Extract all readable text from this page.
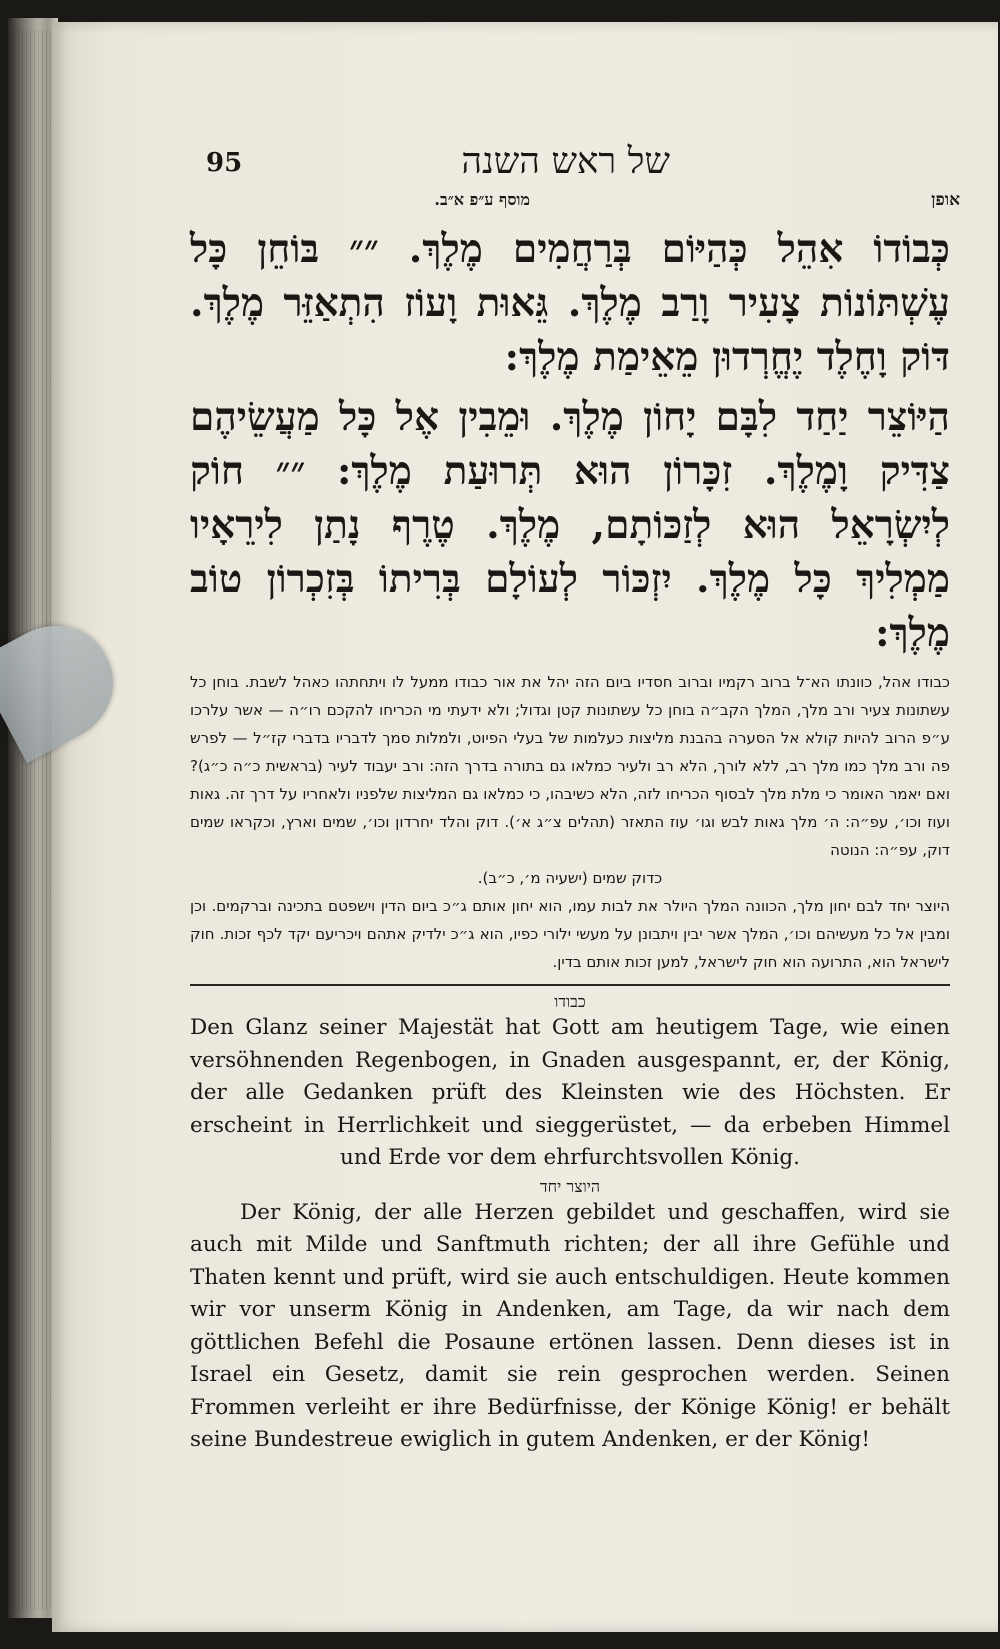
95	של ראש השנה
מוסף ע״פ א״ב.	אופן

כְּבוֹדוֹ אִהֵל כְּהַיּוֹם בְּרַחֲמִים מֶלֶךְ. ״״ בּוֹחֵן כָּל עֶשְׁתּוֹנוֹת צָעִיר וָרַב מֶלֶךְ. גֵּאוּת וָעוֹז הִתְאַזֵּר מֶלֶךְ. דּוֹק וָחֶלֶד יֶחֱרְדוּן מֵאֵימַת מֶלֶךְ:

הַיּוֹצֵר יַחַד לִבָּם יָחוֹן מֶלֶךְ. וּמֵבִין אֶל כָּל מַעֲשֵׂיהֶם צַדִּיק וָמֶלֶךְ. זִכָּרוֹן הוּא תְּרוּעַת מֶלֶךְ: ״״ חוֹק לְיִשְׂרָאֵל הוּא לְזַכּוֹתָם, מֶלֶךְ. טֶרֶף נָתַן לִירֵאָיו מַמְלִיךְ כָּל מֶלֶךְ. יִזְכּוֹר לְעוֹלָם בְּרִיתוֹ בְּזִכְרוֹן טוֹב מֶלֶךְ:

כבודו אהל, כוונתו הא־ל ברוב רקמיו וברוב חסדיו ביום הזה יהל את אור כבודו ממעל לו ויתחתהו כאהל לשבת. בוחן כל עשתונות צעיר ורב מלך, המלך הקב״ה בוחן כל עשתונות קטן וגדול; ולא ידעתי מי הכריחו להקכם רו״ה — אשר עלרכו ע״פ הרוב להיות קולא אל הסערה בהבנת מליצות כעלמות של בעלי הפיוט, ולמלות סמך לדבריו בדברי קז״ל — לפרש פה ורב מלך כמו מלך רב, ללא לורך, הלא רב ולעיר כמלאו גם בתורה בדרך הזה: ורב יעבוד לעיר (בראשית כ״ה כ״ג)? ואם יאמר האומר כי מלת מלך לבסוף הכריחו לזה, הלא כשיבהו, כי כמלאו גם המליצות שלפניו ולאחריו על דרך זה. גאות ועוז וכו׳, עפ״ה: ה׳ מלך גאות לבש וגו׳ עוז התאזר (תהלים צ״ג א׳). דוק והלד יחרדון וכו׳, שמים וארץ, וכקראו שמים דוק, עפ״ה: הנוטה

כדוק שמים (ישעיה מ׳, כ״ב).

היוצר יחד לבם יחון מלך, הכוונה המלך היולר את לבות עמו, הוא יחון אותם ג״כ ביום הדין וישפטם בתכינה וברקמים. וכן ומבין אל כל מעשיהם וכו׳, המלך אשר יבין ויתבונן על מעשי ילורי כפיו, הוא ג״כ ילדיק אתהם ויכריעם יקד לכף זכות. חוק לישראל הוא, התרועה הוא חוק לישראל, למען זכות אותם בדין.

כבודו

Den Glanz seiner Majestät hat Gott am heutigem Tage, wie einen versöhnenden Regenbogen, in Gnaden ausgespannt, er, der König, der alle Gedanken prüft des Kleinsten wie des Höchsten. Er erscheint in Herrlichkeit und sieggerüstet, — da erbeben Himmel und Erde vor dem ehrfurchtsvollen König.

היוצר יחד

Der König, der alle Herzen gebildet und geschaffen, wird sie auch mit Milde und Sanftmuth richten; der all ihre Gefühle und Thaten kennt und prüft, wird sie auch entschuldigen. Heute kommen wir vor unserm König in Andenken, am Tage, da wir nach dem göttlichen Befehl die Posaune ertönen lassen. Denn dieses ist in Israel ein Gesetz, damit sie rein gesprochen werden. Seinen Frommen verleiht er ihre Bedürfnisse, der Könige König! er behält seine Bundestreue ewiglich in gutem Andenken, er der König!
